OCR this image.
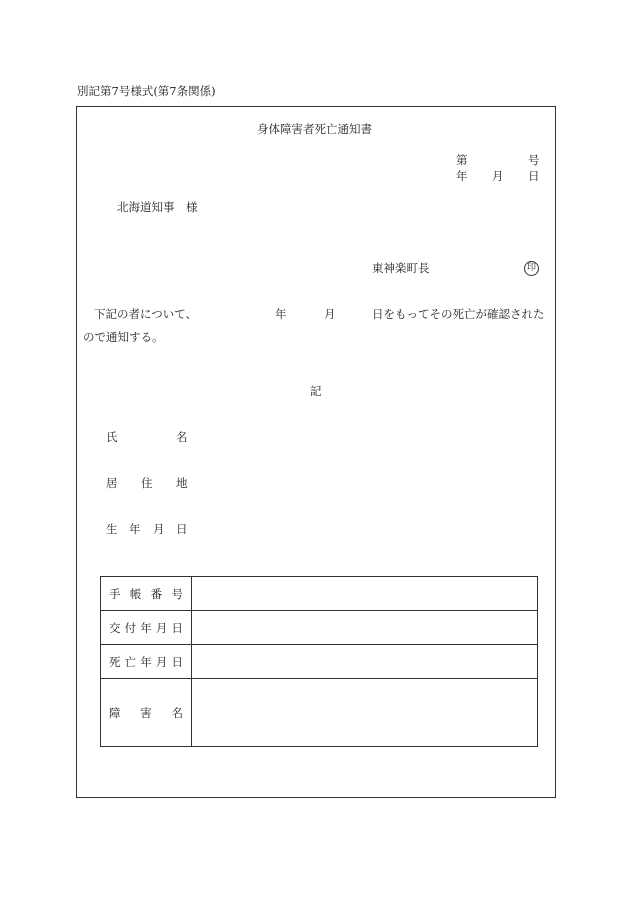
別記第7号様式(第7条関係)
身体障害者死亡通知書
第	号
年 月 日
北海道知事　様
東神楽町長	印
下記の者について、	年	月	日をもってその死亡が確認された
ので通知する。
記
氏	名
居 住 地
生 年 月 日
手 帳 番 号	

交 付 年 月 日	

死 亡 年 月 日	

障 害 名	
